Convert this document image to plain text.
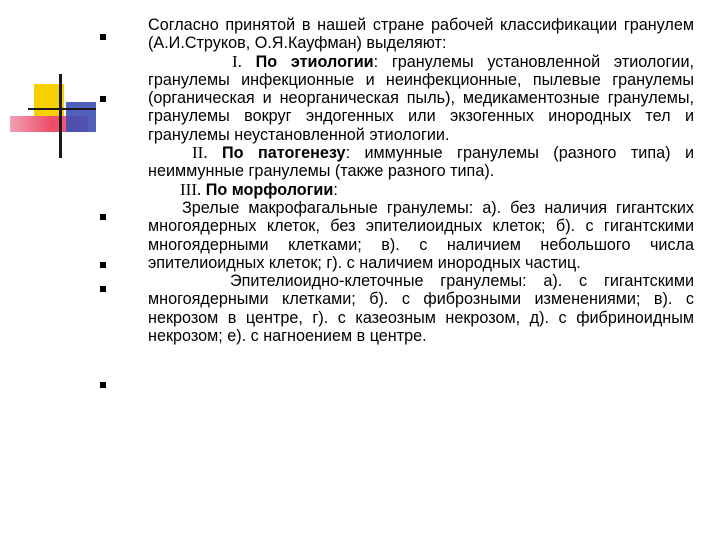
Согласно принятой в нашей стране рабочей классификации гранулем (А.И.Струков, О.Я.Кауфман) выделяют:

I. По этиологии: гранулемы установленной этиологии, гранулемы инфекционные и неинфекционные, пылевые гранулемы (органическая и неорганическая пыль), медикаментозные гранулемы, гранулемы вокруг эндогенных или экзогенных инородных тел и гранулемы неустановленной этиологии.

II. По патогенезу: иммунные гранулемы (разного типа) и неиммунные гранулемы (также разного типа).

III. По морфологии:

Зрелые макрофагальные гранулемы: а). без наличия гигантских многоядерных клеток, без эпителиоидных клеток; б). с гигантскими многоядерными клетками; в). с наличием небольшого числа эпителиоидных клеток; г). с наличием инородных частиц.

Эпителиоидно-клеточные гранулемы: а). с гигантскими многоядерными клетками; б). с фиброзными изменениями; в). с некрозом в центре, г). с казеозным некрозом, д). с фибриноидным некрозом; е). с нагноением в центре.
